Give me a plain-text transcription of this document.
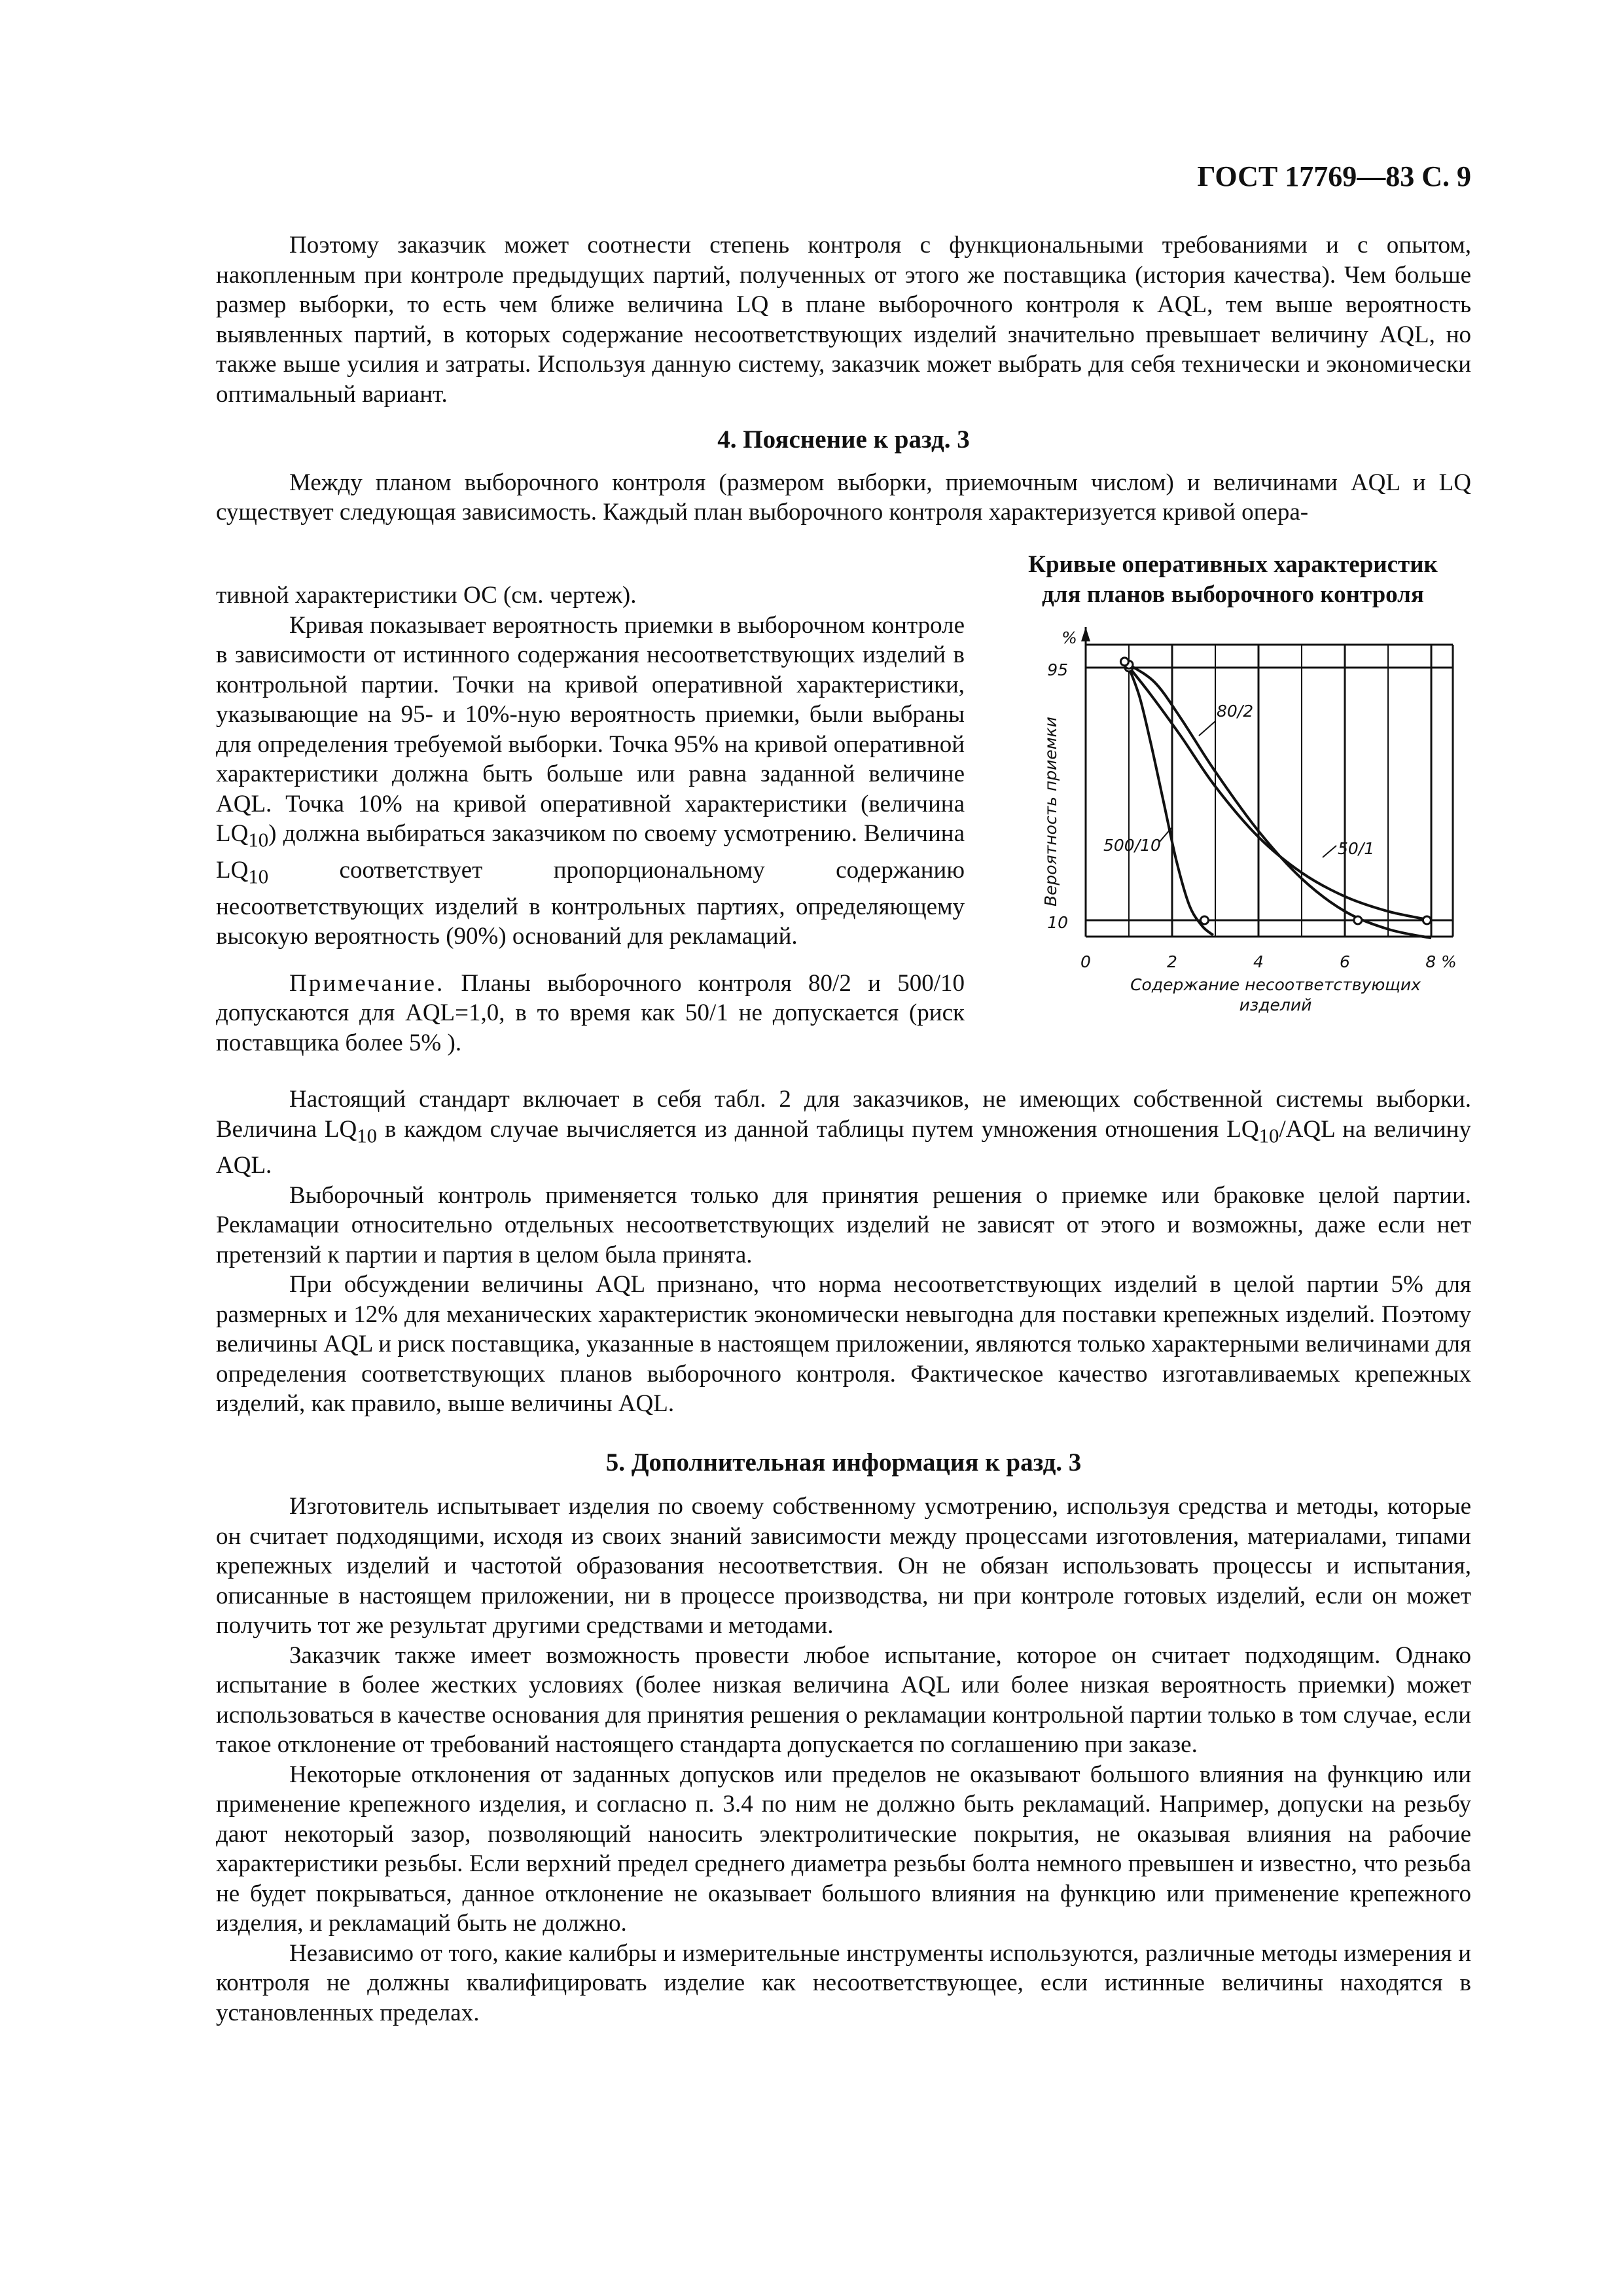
ГОСТ 17769—83 С. 9

Поэтому заказчик может соотнести степень контроля с функциональными требованиями и с опытом, накопленным при контроле предыдущих партий, полученных от этого же поставщика (история качества). Чем больше размер выборки, то есть чем ближе величина LQ в плане выборочного контроля к AQL, тем выше вероятность выявленных партий, в которых содержание несоответствующих изделий значительно превышает величину AQL, но также выше усилия и затраты. Используя данную систему, заказчик может выбрать для себя технически и экономически оптимальный вариант.

4. Пояснение к разд. 3

Между планом выборочного контроля (размером выборки, приемочным числом) и величинами AQL и LQ существует следующая зависимость. Каждый план выборочного контроля характеризуется кривой опера-

тивной характеристики ОС (см. чертеж).

Кривая показывает вероятность приемки в выборочном контроле в зависимости от истинного содержания несоответствующих изделий в контрольной партии. Точки на кривой оперативной характеристики, указывающие на 95- и 10%-ную вероятность приемки, были выбраны для определения требуемой выборки. Точка 95% на кривой оперативной характеристики должна быть больше или равна заданной величине AQL. Точка 10% на кривой оперативной характеристики (величина $LQ_{10}$) должна выбираться заказчиком по своему усмотрению. Величина $LQ_{10}$ соответствует пропорциональному содержанию несоответствующих изделий в контрольных партиях, определяющему высокую вероятность (90%) оснований для рекламаций.

Примечание. Планы выборочного контроля 80/2 и 500/10 допускаются для AQL=1,0, в то время как 50/1 не допускается (риск поставщика более 5% ).

Кривые оперативных характеристик
для планов выборочного контроля
%
95
10
Вероятность приемки
0	2	4	6	8 %
Содержание несоответствующих
изделий
80/2
500/10	50/1

Настоящий стандарт включает в себя табл. 2 для заказчиков, не имеющих собственной системы выборки. Величина $LQ_{10}$ в каждом случае вычисляется из данной таблицы путем умножения отношения $LQ_{10}$/AQL на величину AQL.

Выборочный контроль применяется только для принятия решения о приемке или браковке целой партии. Рекламации относительно отдельных несоответствующих изделий не зависят от этого и возможны, даже если нет претензий к партии и партия в целом была принята.

При обсуждении величины AQL признано, что норма несоответствующих изделий в целой партии 5% для размерных и 12% для механических характеристик экономически невыгодна для поставки крепежных изделий. Поэтому величины AQL и риск поставщика, указанные в настоящем приложении, являются только характерными величинами для определения соответствующих планов выборочного контроля. Фактическое качество изготавливаемых крепежных изделий, как правило, выше величины AQL.

5. Дополнительная информация к разд. 3

Изготовитель испытывает изделия по своему собственному усмотрению, используя средства и методы, которые он считает подходящими, исходя из своих знаний зависимости между процессами изготовления, материалами, типами крепежных изделий и частотой образования несоответствия. Он не обязан использовать процессы и испытания, описанные в настоящем приложении, ни в процессе производства, ни при контроле готовых изделий, если он может получить тот же результат другими средствами и методами.

Заказчик также имеет возможность провести любое испытание, которое он считает подходящим. Однако испытание в более жестких условиях (более низкая величина AQL или более низкая вероятность приемки) может использоваться в качестве основания для принятия решения о рекламации контрольной партии только в том случае, если такое отклонение от требований настоящего стандарта допускается по соглашению при заказе.

Некоторые отклонения от заданных допусков или пределов не оказывают большого влияния на функцию или применение крепежного изделия, и согласно п. 3.4 по ним не должно быть рекламаций. Например, допуски на резьбу дают некоторый зазор, позволяющий наносить электролитические покрытия, не оказывая влияния на рабочие характеристики резьбы. Если верхний предел среднего диаметра резьбы болта немного превышен и известно, что резьба не будет покрываться, данное отклонение не оказывает большого влияния на функцию или применение крепежного изделия, и рекламаций быть не должно.

Независимо от того, какие калибры и измерительные инструменты используются, различные методы измерения и контроля не должны квалифицировать изделие как несоответствующее, если истинные величины находятся в установленных пределах.
